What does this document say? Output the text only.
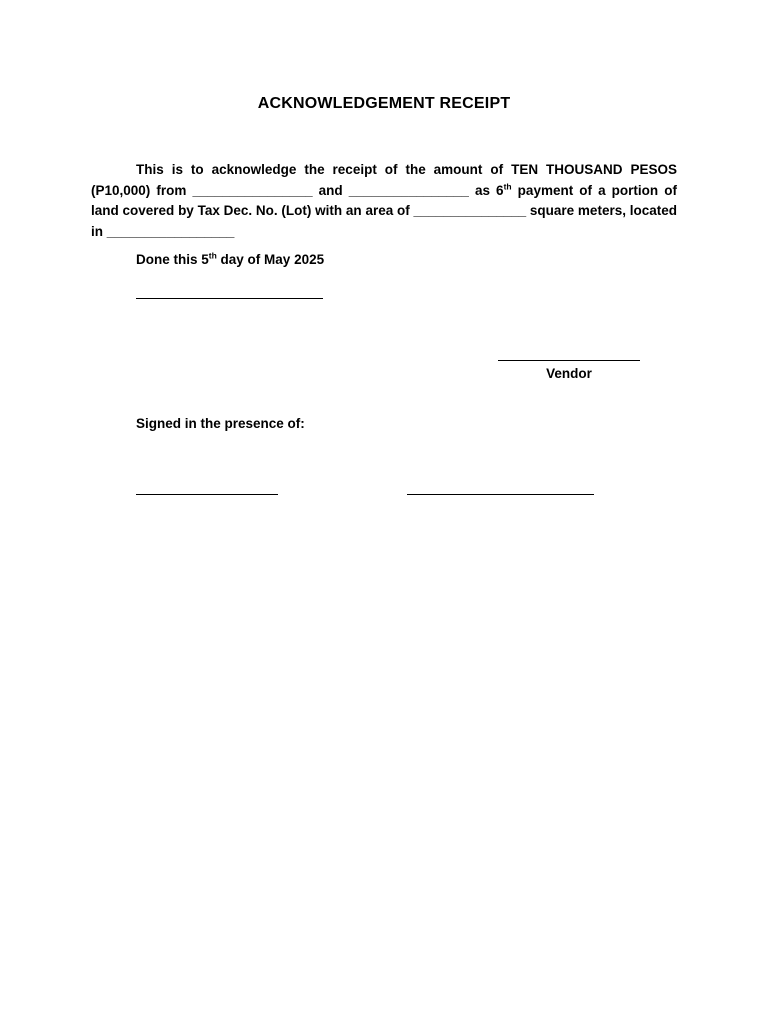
ACKNOWLEDGEMENT RECEIPT
This is to acknowledge the receipt of the amount of TEN THOUSAND PESOS (P10,000) from ________________ and ________________ as 6th payment of a portion of land covered by Tax Dec. No. (Lot) with an area of _______________ square meters, located in _________________
Done this 5th day of May 2025
Vendor
Signed in the presence of:
